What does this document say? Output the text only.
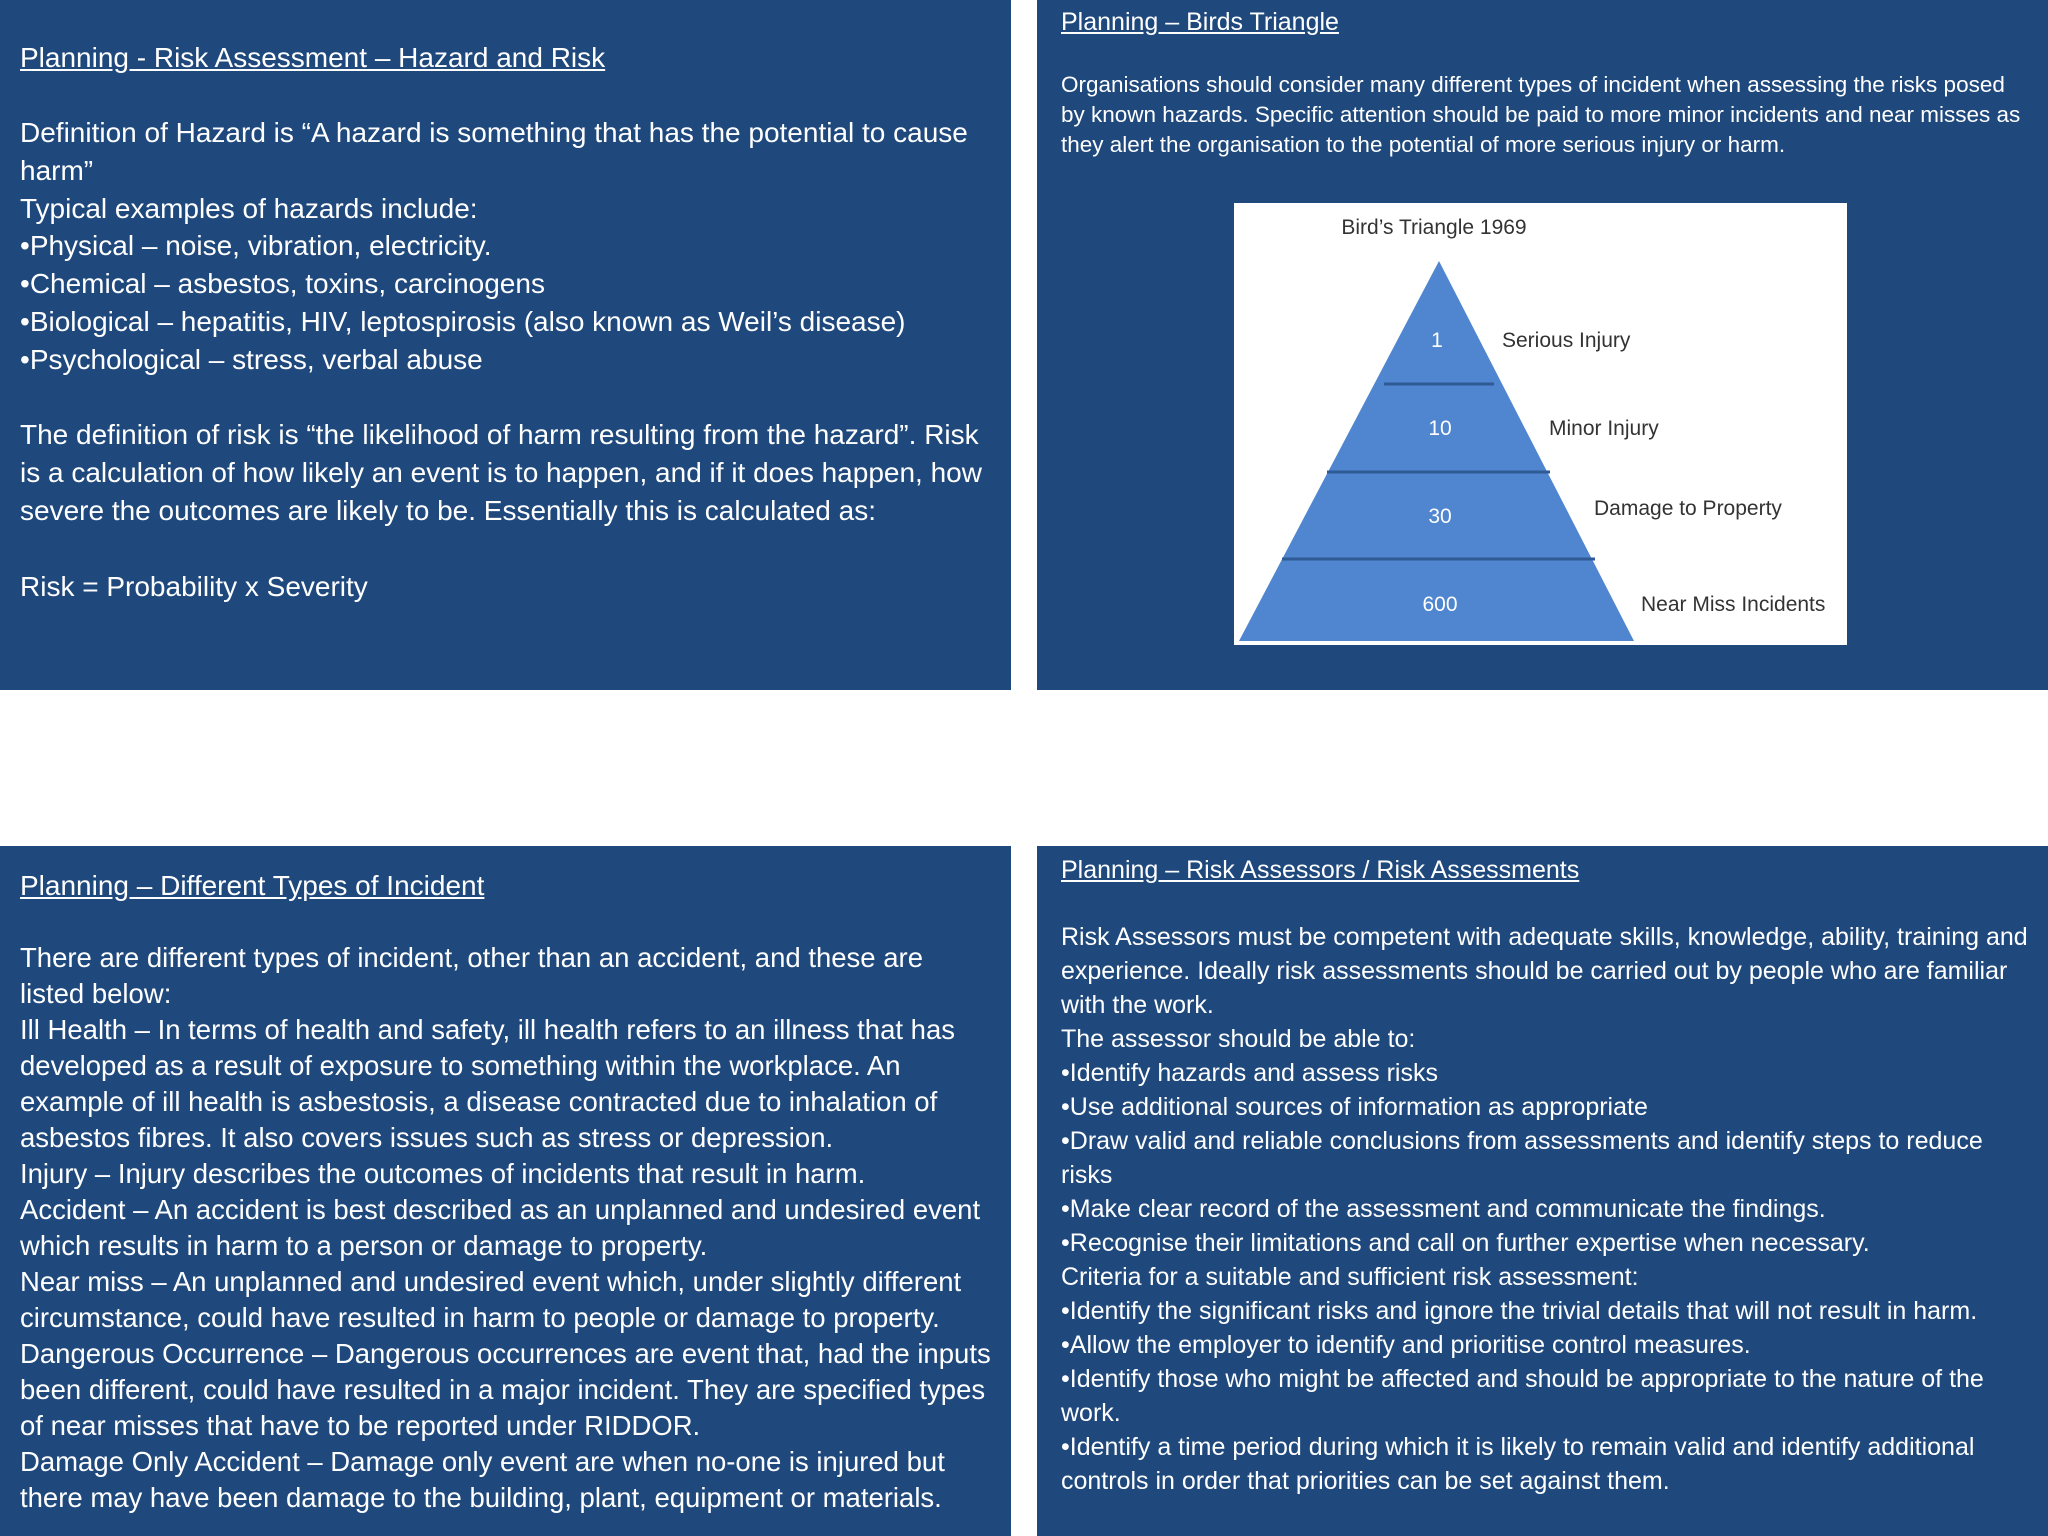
Planning - Risk Assessment – Hazard and Risk

Definition of Hazard is “A hazard is something that has the potential to cause harm”

Typical examples of hazards include:

• Physical – noise, vibration, electricity.
• Chemical – asbestos, toxins, carcinogens
• Biological – hepatitis, HIV, leptospirosis (also known as Weil’s disease)
• Psychological – stress, verbal abuse

The definition of risk is “the likelihood of harm resulting from the hazard”. Risk is a calculation of how likely an event is to happen, and if it does happen, how severe the outcomes are likely to be. Essentially this is calculated as:

Risk = Probability x Severity

Planning – Birds Triangle

Organisations should consider many different types of incident when assessing the risks posed by known hazards. Specific attention should be paid to more minor incidents and near misses as they alert the organisation to the potential of more serious injury or harm.

Bird’s Triangle 1969
1
10
30
600
Serious Injury
Minor Injury
Damage to Property
Near Miss Incidents
Planning – Different Types of Incident

There are different types of incident, other than an accident, and these are listed below:

Ill Health – In terms of health and safety, ill health refers to an illness that has developed as a result of exposure to something within the workplace. An example of ill health is asbestosis, a disease contracted due to inhalation of asbestos fibres. It also covers issues such as stress or depression.

Injury – Injury describes the outcomes of incidents that result in harm.

Accident – An accident is best described as an unplanned and undesired event which results in harm to a person or damage to property.

Near miss – An unplanned and undesired event which, under slightly different circumstance, could have resulted in harm to people or damage to property.

Dangerous Occurrence – Dangerous occurrences are event that, had the inputs been different, could have resulted in a major incident. They are specified types of near misses that have to be reported under RIDDOR.

Damage Only Accident – Damage only event are when no-one is injured but there may have been damage to the building, plant, equipment or materials.

Planning – Risk Assessors / Risk Assessments

Risk Assessors must be competent with adequate skills, knowledge, ability, training and experience. Ideally risk assessments should be carried out by people who are familiar with the work.

The assessor should be able to:

• Identify hazards and assess risks
• Use additional sources of information as appropriate
• Draw valid and reliable conclusions from assessments and identify steps to reduce risks
• Make clear record of the assessment and communicate the findings.
• Recognise their limitations and call on further expertise when necessary.

Criteria for a suitable and sufficient risk assessment:

• Identify the significant risks and ignore the trivial details that will not result in harm.
• Allow the employer to identify and prioritise control measures.
• Identify those who might be affected and should be appropriate to the nature of the work.
• Identify a time period during which it is likely to remain valid and identify additional controls in order that priorities can be set against them.
